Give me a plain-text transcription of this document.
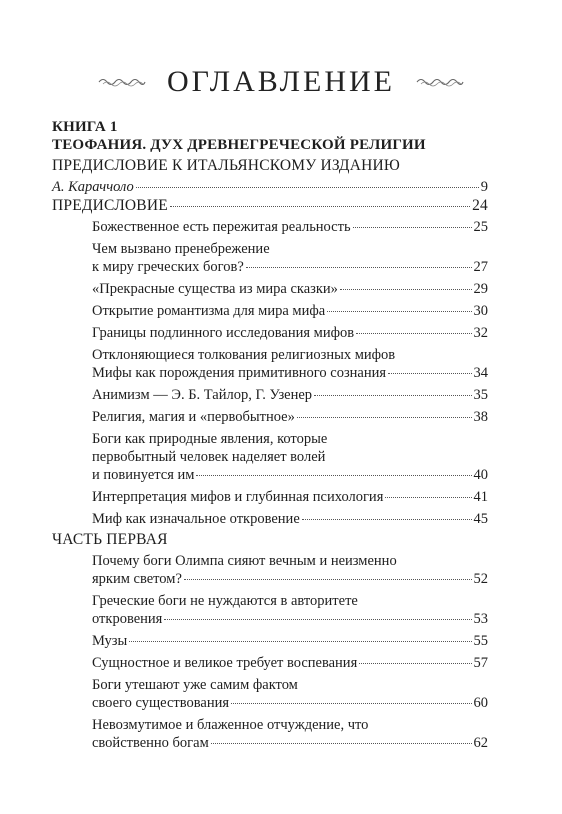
ОГЛАВЛЕНИЕ
КНИГА 1
ТЕОФАНИЯ. ДУХ ДРЕВНЕГРЕЧЕСКОЙ РЕЛИГИИ
ПРЕДИСЛОВИЕ К ИТАЛЬЯНСКОМУ ИЗДАНИЮ
А. Караччоло	9
ПРЕДИСЛОВИЕ	24
Божественное есть пережитая реальность	25
Чем вызвано пренебрежение
к миру греческих богов?	27
«Прекрасные существа из мира сказки»	29
Открытие романтизма для мира мифа	30
Границы подлинного исследования мифов	32
Отклоняющиеся толкования религиозных мифов
Мифы как порождения примитивного сознания	34
Анимизм — Э. Б. Тайлор, Г. Узенер	35
Религия, магия и «первобытное»	38
Боги как природные явления, которые
первобытный человек наделяет волей
и повинуется им	40
Интерпретация мифов и глубинная психология	41
Миф как изначальное откровение	45
ЧАСТЬ ПЕРВАЯ
Почему боги Олимпа сияют вечным и неизменно
ярким светом?	52
Греческие боги не нуждаются в авторитете
откровения	53
Музы	55
Сущностное и великое требует воспевания	57
Боги утешают уже самим фактом
своего существования	60
Невозмутимое и блаженное отчуждение, что
свойственно богам	62
